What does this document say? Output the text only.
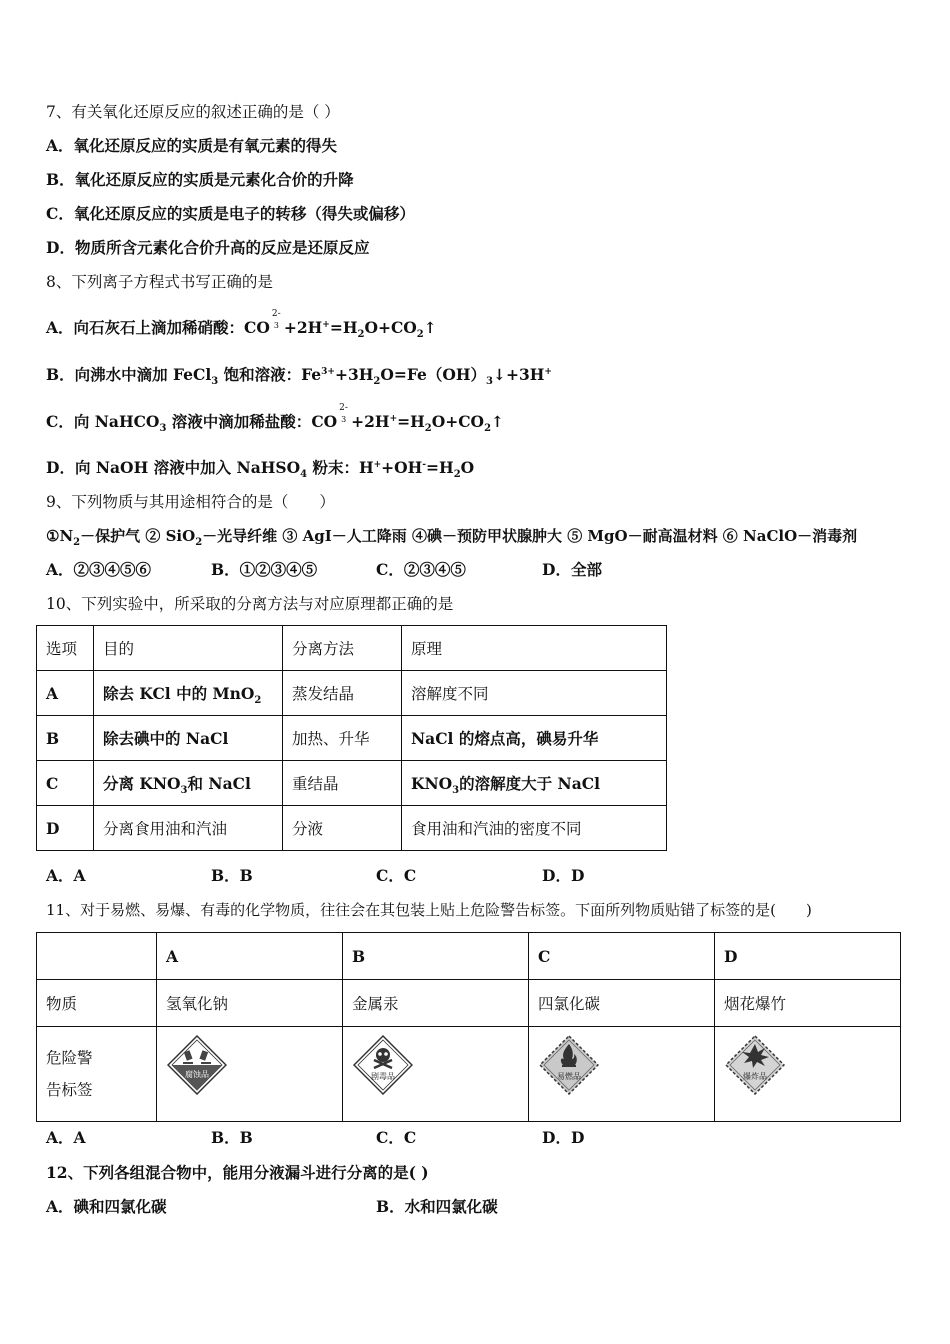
7、有关氧化还原反应的叙述正确的是（ ）
A．氧化还原反应的实质是有氧元素的得失
B．氧化还原反应的实质是元素化合价的升降
C．氧化还原反应的实质是电子的转移（得失或偏移）
D．物质所含元素化合价升高的反应是还原反应
8、下列离子方程式书写正确的是
A．向石灰石上滴加稀硝酸：CO
2-
$3 +2H^+=H_2O+CO_2↑$
B．向沸水中滴加 FeCl$_3$ 饱和溶液：$Fe^{3+}+3H_2O=Fe(OH)_3↓+3H^+$
C．向 NaHCO$_3$ 溶液中滴加稀盐酸：CO
2-
$3 +2H^+=H_2O+CO_2↑$
D．向 NaOH 溶液中加入 NaHSO$_4$ 粉末：$H^++OH^-=H_2O$
9、下列物质与其用途相符合的是（　　）
$①N_2-$保护气 ② SiO$_2$－光导纤维 ③ AgI－人工降雨 ④碘－预防甲状腺肿大 ⑤ MgO－耐高温材料 ⑥ NaClO－消毒剂
A．②③④⑤⑥	B．①②③④⑤	C．②③④⑤	D．全部
10、下列实验中，所采取的分离方法与对应原理都正确的是
选项	目的	分离方法	原理
A	除去 KCl 中的 MnO$_2$	蒸发结晶	溶解度不同
B	除去碘中的 NaCl	加热、升华	NaCl 的熔点高，碘易升华
C	分离 $KNO_3$和 NaCl	重结晶	$KNO_3$的溶解度大于 NaCl
D	分离食用油和汽油	分液	食用油和汽油的密度不同
A．A	B．B	C．C	D．D
11、对于易燃、易爆、有毒的化学物质，往往会在其包装上贴上危险警告标签。下面所列物质贴错了标签的是(　　)
	A	B	C	D
物质	氢氧化钠	金属汞	四氯化碳	烟花爆竹

危险警
告标签	腐蚀品	剧毒品	易燃品	爆炸品
A．A	B．B	C．C	D．D
12、下列各组混合物中，能用分液漏斗进行分离的是( )
A．碘和四氯化碳	B．水和四氯化碳
